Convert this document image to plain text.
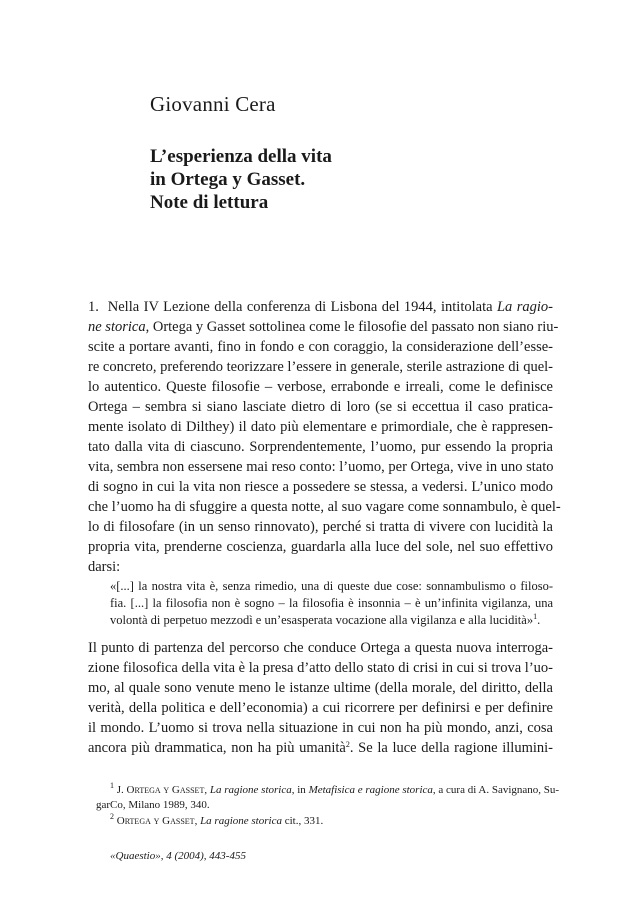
Giovanni Cera
L’esperienza della vita
in Ortega y Gasset.
Note di lettura
1. Nella IV Lezione della conferenza di Lisbona del 1944, intitolata La ragio-
ne storica, Ortega y Gasset sottolinea come le filosofie del passato non siano riu-
scite a portare avanti, fino in fondo e con coraggio, la considerazione dell’esse-
re concreto, preferendo teorizzare l’essere in generale, sterile astrazione di quel-
lo autentico. Queste filosofie – verbose, errabonde e irreali, come le definisce
Ortega – sembra si siano lasciate dietro di loro (se si eccettua il caso pratica-
mente isolato di Dilthey) il dato più elementare e primordiale, che è rappresen-
tato dalla vita di ciascuno. Sorprendentemente, l’uomo, pur essendo la propria
vita, sembra non essersene mai reso conto: l’uomo, per Ortega, vive in uno stato
di sogno in cui la vita non riesce a possedere se stessa, a vedersi. L’unico modo
che l’uomo ha di sfuggire a questa notte, al suo vagare come sonnambulo, è quel-
lo di filosofare (in un senso rinnovato), perché si tratta di vivere con lucidità la
propria vita, prenderne coscienza, guardarla alla luce del sole, nel suo effettivo
darsi:
«[...] la nostra vita è, senza rimedio, una di queste due cose: sonnambulismo o filoso-
fia. [...] la filosofia non è sogno – la filosofia è insonnia – è un’infinita vigilanza, una
volontà di perpetuo mezzodì e un’esasperata vocazione alla vigilanza e alla lucidità»$^1$.
Il punto di partenza del percorso che conduce Ortega a questa nuova interroga-
zione filosofica della vita è la presa d’atto dello stato di crisi in cui si trova l’uo-
mo, al quale sono venute meno le istanze ultime (della morale, del diritto, della
verità, della politica e dell’economia) a cui ricorrere per definirsi e per definire
il mondo. L’uomo si trova nella situazione in cui non ha più mondo, anzi, cosa
ancora più drammatica, non ha più umanità$^2$. Se la luce della ragione illumini-
$^1$ J. Ortega y Gasset, La ragione storica, in Metafisica e ragione storica, a cura di A. Savignano, Su-
garCo, Milano 1989, 340.
$^2$ Ortega y Gasset, La ragione storica cit., 331.
«Quaestio», 4 (2004), 443-455
